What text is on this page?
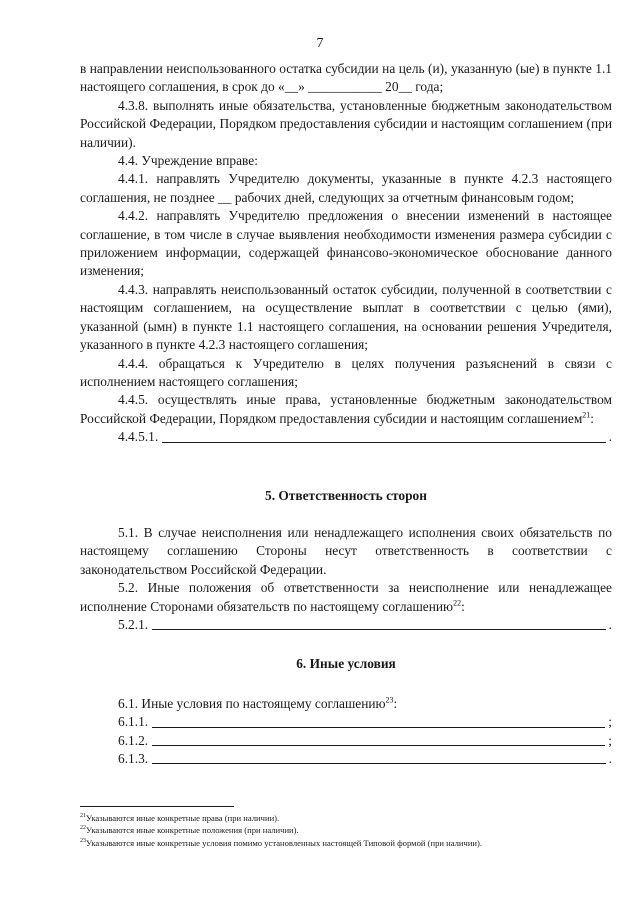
7

в направлении неиспользованного остатка субсидии на цель (и), указанную (ые) в пункте 1.1 настоящего соглашения, в срок до «__» ___________ 20__ года;

4.3.8. выполнять иные обязательства, установленные бюджетным законодательством Российской Федерации, Порядком предоставления субсидии и настоящим соглашением (при наличии).

4.4. Учреждение вправе:

4.4.1. направлять Учредителю документы, указанные в пункте 4.2.3 настоящего соглашения, не позднее __ рабочих дней, следующих за отчетным финансовым годом;

4.4.2. направлять Учредителю предложения о внесении изменений в настоящее соглашение, в том числе в случае выявления необходимости изменения размера субсидии с приложением информации, содержащей финансово-экономическое обоснование данного изменения;

4.4.3. направлять неиспользованный остаток субсидии, полученной в соответствии с настоящим соглашением, на осуществление выплат в соответствии с целью (ями), указанной (ымн) в пункте 1.1 настоящего соглашения, на основании решения Учредителя, указанного в пункте 4.2.3 настоящего соглашения;

4.4.4. обращаться к Учредителю в целях получения разъяснений в связи с исполнением настоящего соглашения;

4.4.5. осуществлять иные права, установленные бюджетным законодательством Российской Федерации, Порядком предоставления субсидии и настоящим соглашением$^{21}$:

4.4.5.1.	.

5. Ответственность сторон

5.1. В случае неисполнения или ненадлежащего исполнения своих обязательств по настоящему соглашению Стороны несут ответственность в соответствии с законодательством Российской Федерации.

5.2. Иные положения об ответственности за неисполнение или ненадлежащее исполнение Сторонами обязательств по настоящему соглашению$^{22}$:

5.2.1.	.

6. Иные условия

6.1. Иные условия по настоящему соглашению$^{23}$:

6.1.1.	;
6.1.2.	;
6.1.3.	.
$^{21}$Указываются иные конкретные права (при наличии).
$^{22}$Указываются иные конкретные положения (при наличии).
$^{23}$Указываются иные конкретные условия помимо установленных настоящей Типовой формой (при наличии).
